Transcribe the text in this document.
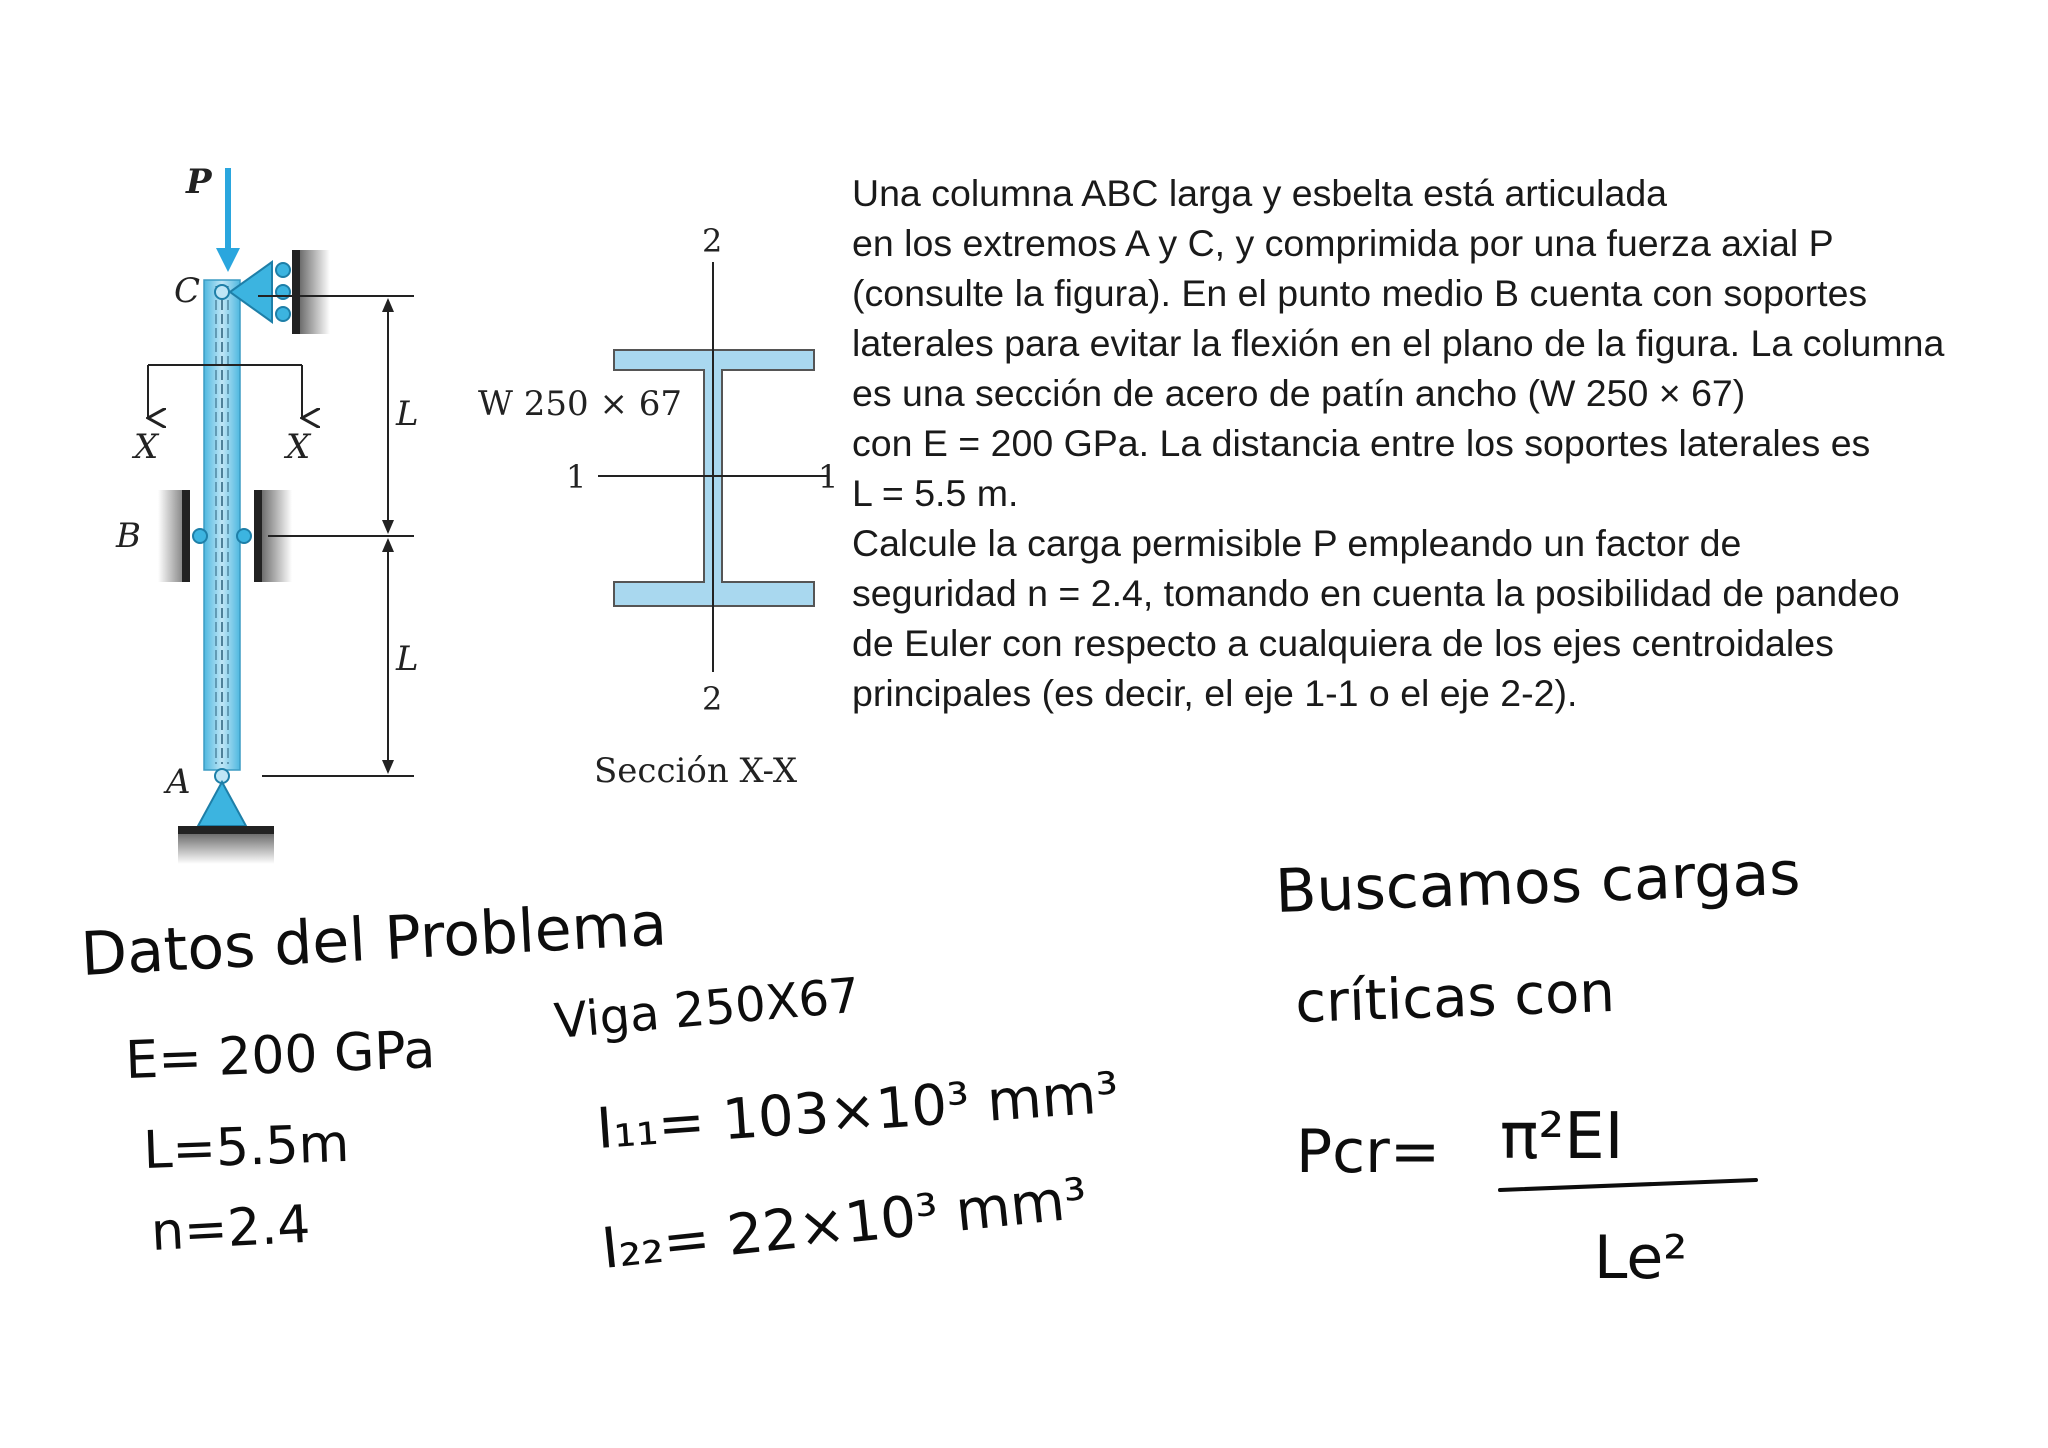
P
C
X	X
B
A
L
L
2
2
1	1
W 250 × 67
Sección X-X
Datos del Problema
E= 200 GPa
L=5.5m
n=2.4
Viga 250X67
I₁₁= 103×10³ mm³
I₂₂= 22×10³ mm³
Buscamos cargas
críticas con
Pcr= π²EI
Le²
Una columna ABC larga y esbelta está articulada
en los extremos A y C, y comprimida por una fuerza axial P
(consulte la figura). En el punto medio B cuenta con soportes
laterales para evitar la flexión en el plano de la figura. La columna
es una sección de acero de patín ancho (W 250 × 67)
con E = 200 GPa. La distancia entre los soportes laterales es
L = 5.5 m.
Calcule la carga permisible P empleando un factor de
seguridad n = 2.4, tomando en cuenta la posibilidad de pandeo
de Euler con respecto a cualquiera de los ejes centroidales
principales (es decir, el eje 1-1 o el eje 2-2).
